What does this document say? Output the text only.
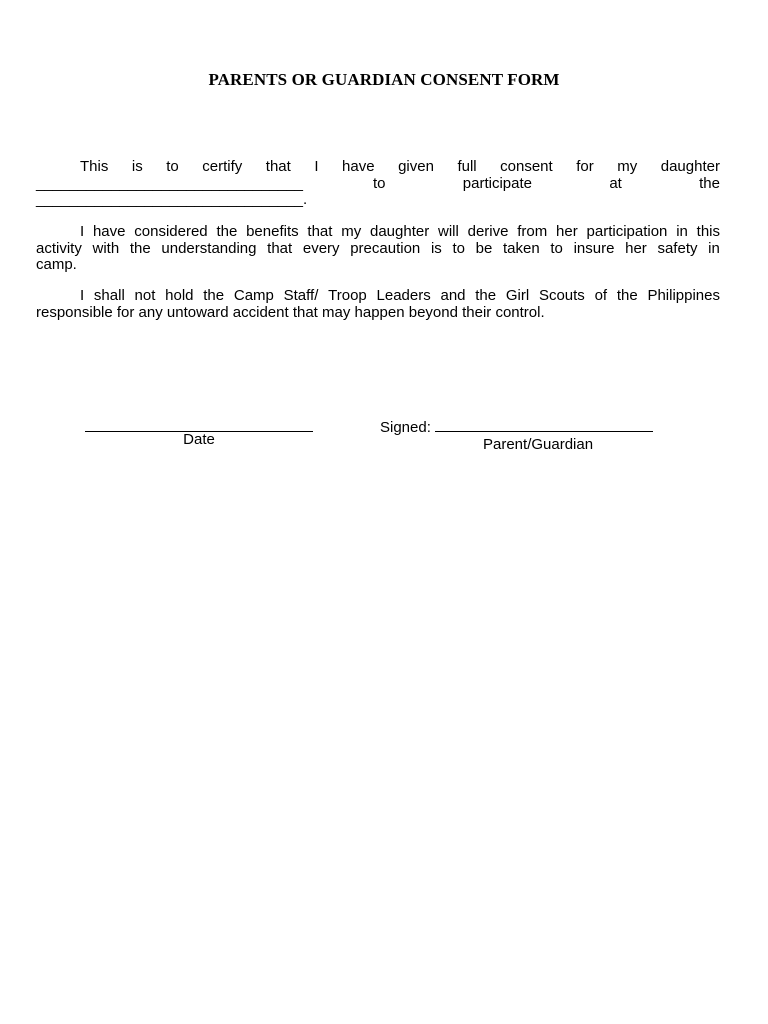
PARENTS OR GUARDIAN CONSENT FORM
This is to certify that I have given full consent for my daughter
________________________________	to	participate	at	the
________________________________.
I have considered the benefits that my daughter will derive from her participation in this
activity with the understanding that every precaution is to be taken to insure her safety in
camp.
I shall not hold the Camp Staff/ Troop Leaders and the Girl Scouts of the Philippines
responsible for any untoward accident that may happen beyond their control.
Date
Signed:
Parent/Guardian
